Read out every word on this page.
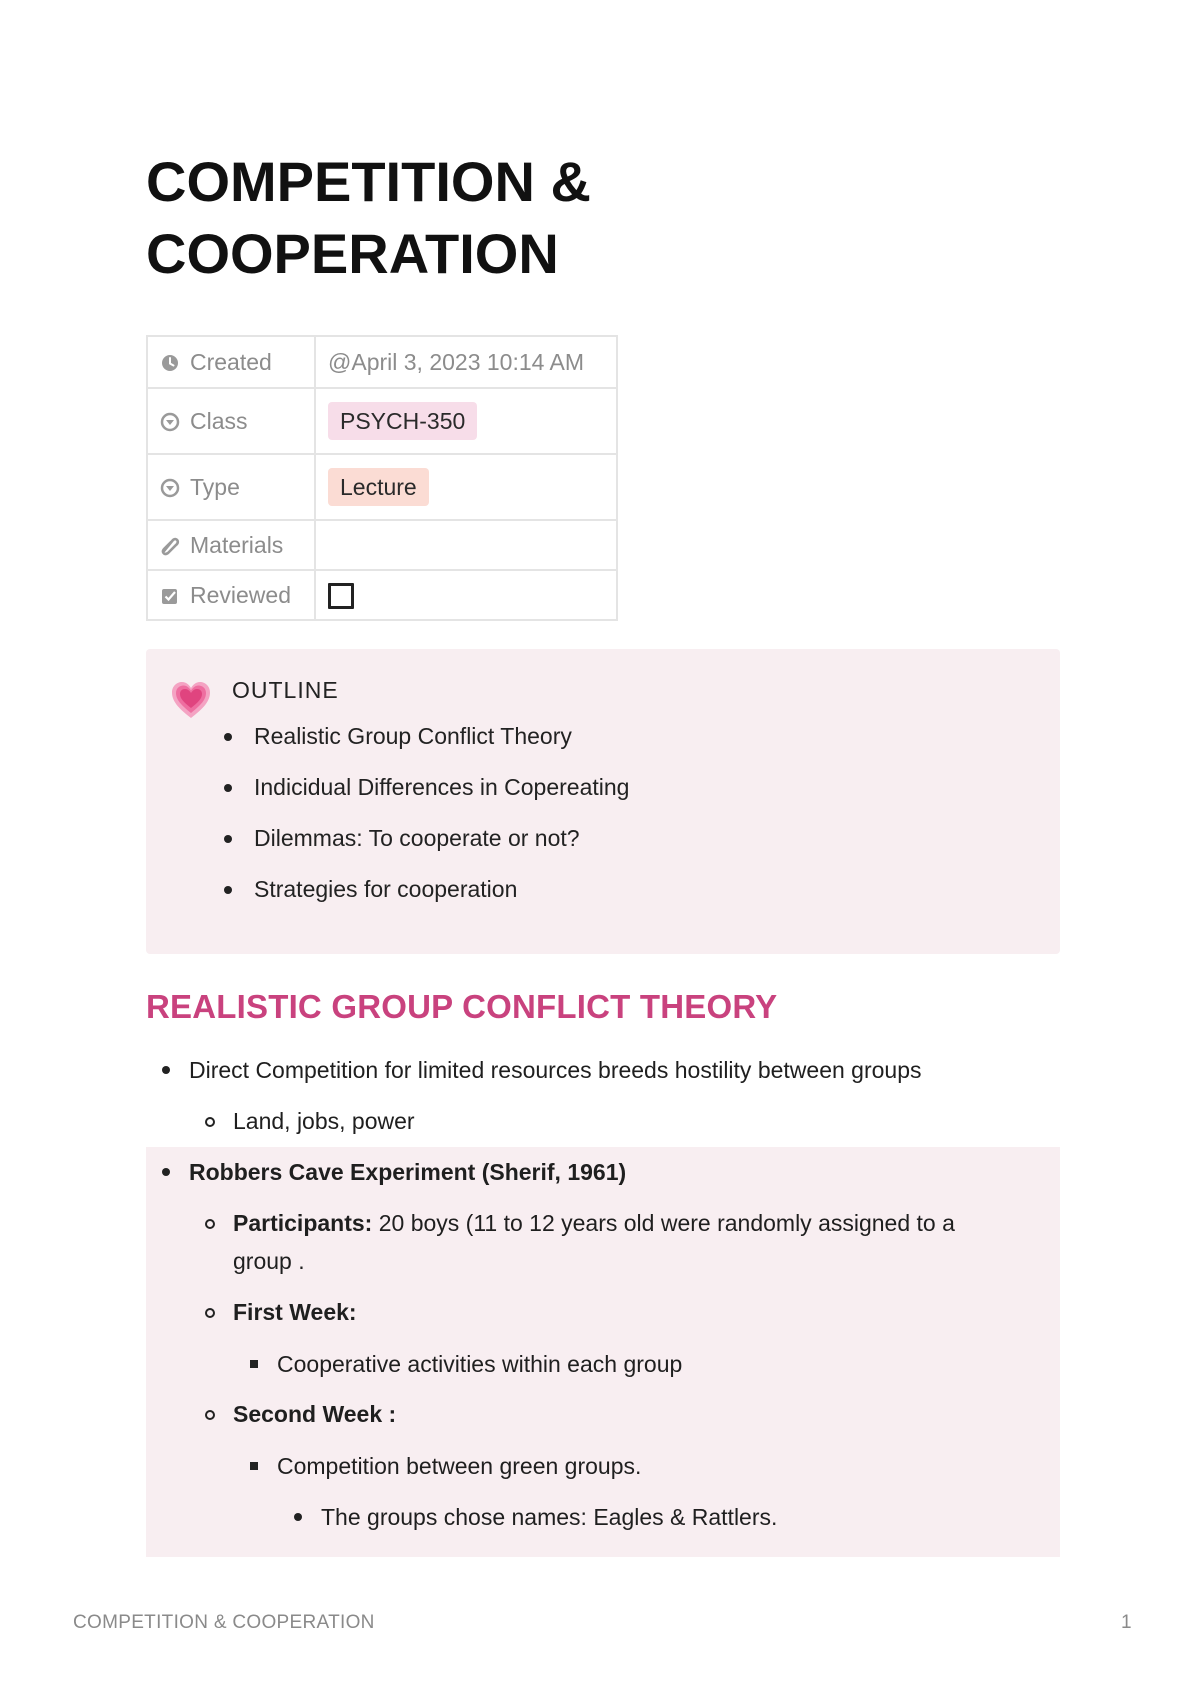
COMPETITION & COOPERATION
Created	@April 3, 2023 10:14 AM

Class	PSYCH-350

Type	Lecture

Materials	

Reviewed	
OUTLINE
Realistic Group Conflict Theory
Indicidual Differences in Copereating
Dilemmas: To cooperate or not?
Strategies for cooperation
REALISTIC GROUP CONFLICT THEORY
Direct Competition for limited resources breeds hostility between groups
Land, jobs, power
Robbers Cave Experiment (Sherif, 1961)
Participants: 20 boys (11 to 12 years old were randomly assigned to a
group .
First Week:
Cooperative activities within each group
Second Week :
Competition between green groups.
The groups chose names: Eagles & Rattlers.
COMPETITION & COOPERATION	1
